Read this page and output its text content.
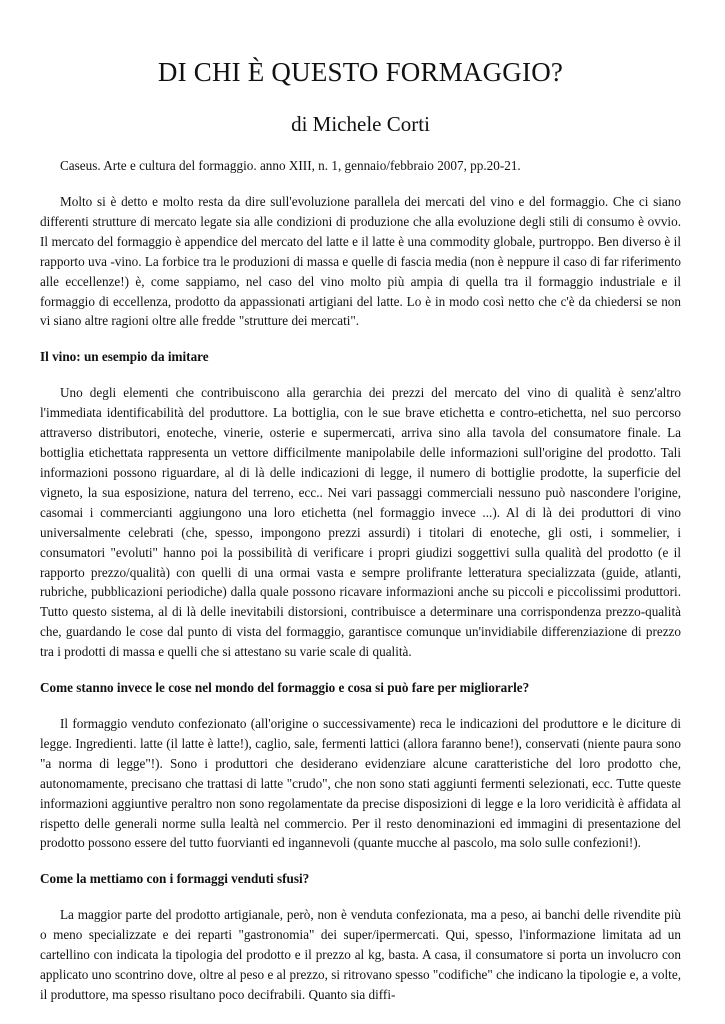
DI CHI È QUESTO FORMAGGIO?
di Michele Corti

Caseus. Arte e cultura del formaggio. anno XIII, n. 1, gennaio/febbraio 2007, pp.20-21.

Molto si è detto e molto resta da dire sull'evoluzione parallela dei mercati del vino e del formaggio. Che ci siano differenti strutture di mercato legate sia alle condizioni di produzione che alla evoluzione degli stili di consumo è ovvio. Il mercato del formaggio è appendice del mercato del latte e il latte è una commodity globale, purtroppo. Ben diverso è il rapporto uva -vino. La forbice tra le produzioni di massa e quelle di fascia media (non è neppure il caso di far riferimento alle eccellenze!) è, come sappiamo, nel caso del vino molto più ampia di quella tra il formaggio industriale e il formaggio di eccellenza, prodotto da appassionati artigiani del latte. Lo è in modo così netto che c'è da chiedersi se non vi siano altre ragioni oltre alle fredde "strutture dei mercati".

Il vino: un esempio da imitare

Uno degli elementi che contribuiscono alla gerarchia dei prezzi del mercato del vino di qualità è senz'altro l'immediata identificabilità del produttore. La bottiglia, con le sue brave etichetta e contro-etichetta, nel suo percorso attraverso distributori, enoteche, vinerie, osterie e supermercati, arriva sino alla tavola del consumatore finale. La bottiglia etichettata rappresenta un vettore difficilmente manipolabile delle informazioni sull'origine del prodotto. Tali informazioni possono riguardare, al di là delle indicazioni di legge, il numero di bottiglie prodotte, la superficie del vigneto, la sua esposizione, natura del terreno, ecc.. Nei vari passaggi commerciali nessuno può nascondere l'origine, casomai i commercianti aggiungono una loro etichetta (nel formaggio invece ...). Al di là dei produttori di vino universalmente celebrati (che, spesso, impongono prezzi assurdi) i titolari di enoteche, gli osti, i sommelier, i consumatori "evoluti" hanno poi la possibilità di verificare i propri giudizi soggettivi sulla qualità del prodotto (e il rapporto prezzo/qualità) con quelli di una ormai vasta e sempre prolifrante letteratura specializzata (guide, atlanti, rubriche, pubblicazioni periodiche) dalla quale possono ricavare informazioni anche su piccoli e piccolissimi produttori. Tutto questo sistema, al di là delle inevitabili distorsioni, contribuisce a determinare una corrispondenza prezzo-qualità che, guardando le cose dal punto di vista del formaggio, garantisce comunque un'invidiabile differenziazione di prezzo tra i prodotti di massa e quelli che si attestano su varie scale di qualità.

Come stanno invece le cose nel mondo del formaggio e cosa si può fare per migliorarle?

Il formaggio venduto confezionato (all'origine o successivamente) reca le indicazioni del produttore e le diciture di legge. Ingredienti. latte (il latte è latte!), caglio, sale, fermenti lattici (allora faranno bene!), conservati (niente paura sono "a norma di legge"!). Sono i produttori che desiderano evidenziare alcune caratteristiche del loro prodotto che, autonomamente, precisano che trattasi di latte "crudo", che non sono stati aggiunti fermenti selezionati, ecc. Tutte queste informazioni aggiuntive peraltro non sono regolamentate da precise disposizioni di legge e la loro veridicità è affidata al rispetto delle generali norme sulla lealtà nel commercio. Per il resto denominazioni ed immagini di presentazione del prodotto possono essere del tutto fuorvianti ed ingannevoli (quante mucche al pascolo, ma solo sulle confezioni!).

Come la mettiamo con i formaggi venduti sfusi?

La maggior parte del prodotto artigianale, però, non è venduta confezionata, ma a peso, ai banchi delle rivendite più o meno specializzate e dei reparti "gastronomia" dei super/ipermercati. Qui, spesso, l'informazione limitata ad un cartellino con indicata la tipologia del prodotto e il prezzo al kg, basta. A casa, il consumatore si porta un involucro con applicato uno scontrino dove, oltre al peso e al prezzo, si ritrovano spesso "codifiche" che indicano la tipologie e, a volte, il produttore, ma spesso risultano poco decifrabili. Quanto sia diffi-
